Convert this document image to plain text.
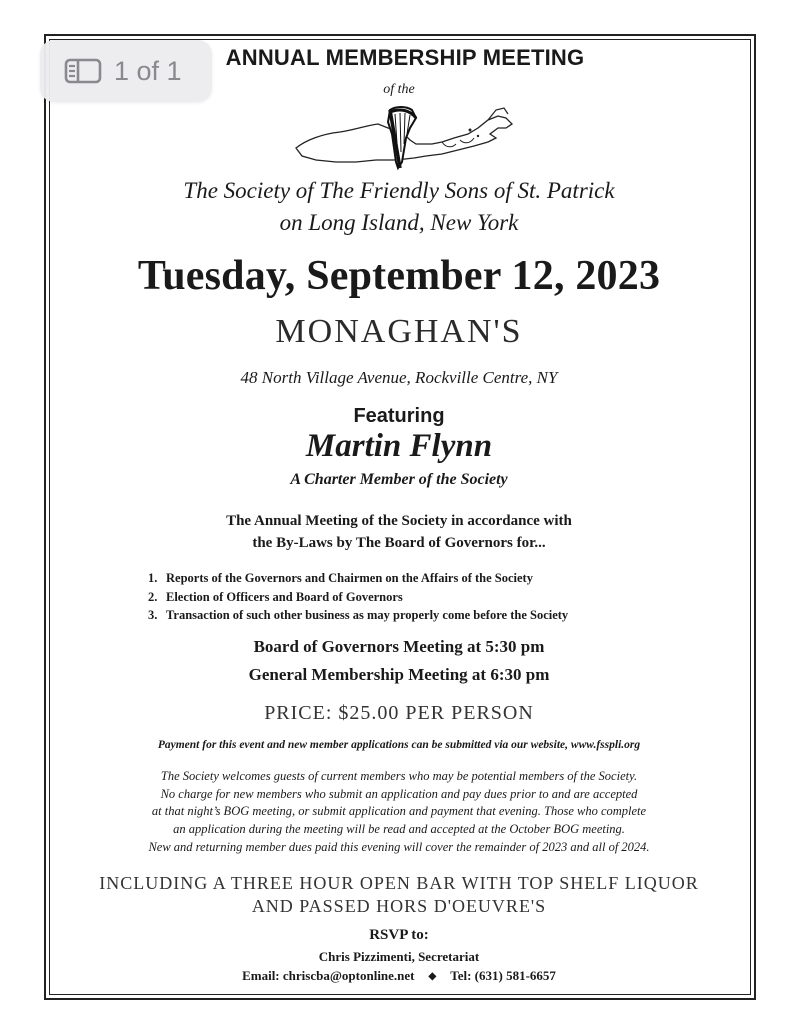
ANNUAL MEMBERSHIP MEETING
of the
The Society of The Friendly Sons of St. Patrick
on Long Island, New York
Tuesday, September 12, 2023
MONAGHAN'S
48 North Village Avenue, Rockville Centre, NY
Featuring
Martin Flynn
A Charter Member of the Society
The Annual Meeting of the Society in accordance with
the By-Laws by The Board of Governors for...
1. Reports of the Governors and Chairmen on the Affairs of the Society
2. Election of Officers and Board of Governors
3. Transaction of such other business as may properly come before the Society
Board of Governors Meeting at 5:30 pm
General Membership Meeting at 6:30 pm
PRICE: $25.00 PER PERSON
Payment for this event and new member applications can be submitted via our website, www.fsspli.org
The Society welcomes guests of current members who may be potential members of the Society.
No charge for new members who submit an application and pay dues prior to and are accepted
at that night’s BOG meeting, or submit application and payment that evening. Those who complete
an application during the meeting will be read and accepted at the October BOG meeting.
New and returning member dues paid this evening will cover the remainder of 2023 and all of 2024.
INCLUDING A THREE HOUR OPEN BAR WITH TOP SHELF LIQUOR
AND PASSED HORS D'OEUVRE'S
RSVP to:
Chris Pizzimenti, Secretariat
Email: chriscba@optonline.net ◆ Tel: (631) 581-6657
1 of 1
